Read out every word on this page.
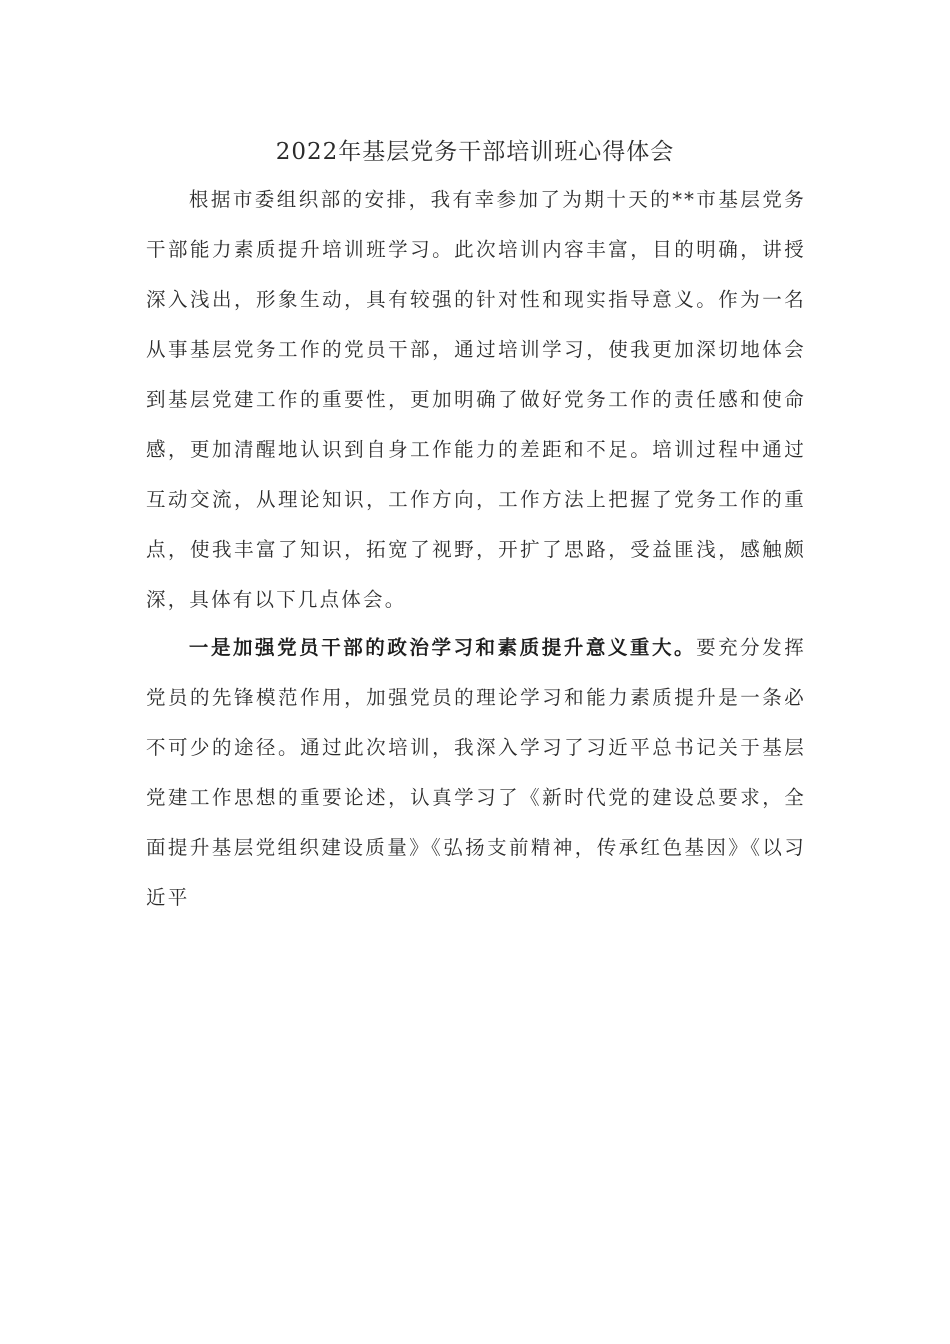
2022年基层党务干部培训班心得体会

根据市委组织部的安排，我有幸参加了为期十天的**市基层党务干部能力素质提升培训班学习。此次培训内容丰富，目的明确，讲授深入浅出，形象生动，具有较强的针对性和现实指导意义。作为一名从事基层党务工作的党员干部，通过培训学习，使我更加深切地体会到基层党建工作的重要性，更加明确了做好党务工作的责任感和使命感，更加清醒地认识到自身工作能力的差距和不足。培训过程中通过互动交流，从理论知识，工作方向，工作方法上把握了党务工作的重点，使我丰富了知识，拓宽了视野，开扩了思路，受益匪浅，感触颇深，具体有以下几点体会。

一是加强党员干部的政治学习和素质提升意义重大。要充分发挥党员的先锋模范作用，加强党员的理论学习和能力素质提升是一条必不可少的途径。通过此次培训，我深入学习了习近平总书记关于基层党建工作思想的重要论述，认真学习了《新时代党的建设总要求，全面提升基层党组织建设质量》《弘扬支前精神，传承红色基因》《以习近平
